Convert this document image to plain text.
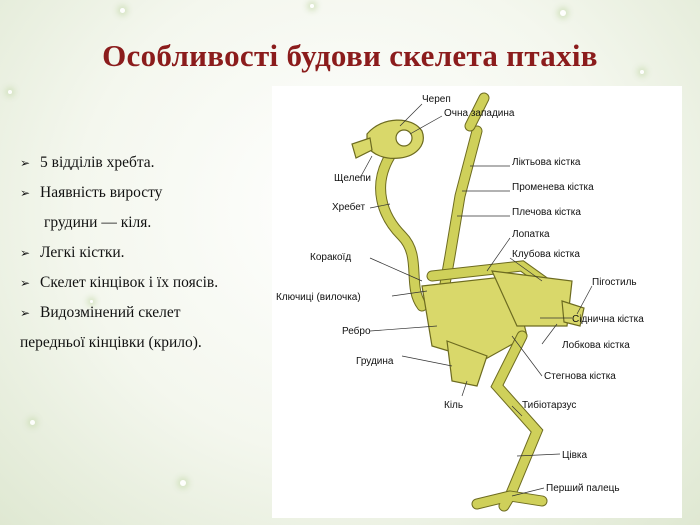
Особливості будови скелета птахів
➢ 5 відділів хребта.
➢ Наявність виросту
грудини — кіля.
➢ Легкі кістки.
➢ Скелет кінцівок і їх поясів.
➢ Видозмінений скелет
передньої кінцівки (крило).
Череп
Очна западина
Ліктьова кістка
Щелепи
Променева кістка
Хребет	Плечова кістка
Лопатка
Коракоїд	Клубова кістка
Пігостиль
Ключиці (вилочка)
Сіднична кістка
Ребро
Лобкова кістка
Грудина
Стегнова кістка
Кіль	Тибіотарзус
Цівка
Перший палець
